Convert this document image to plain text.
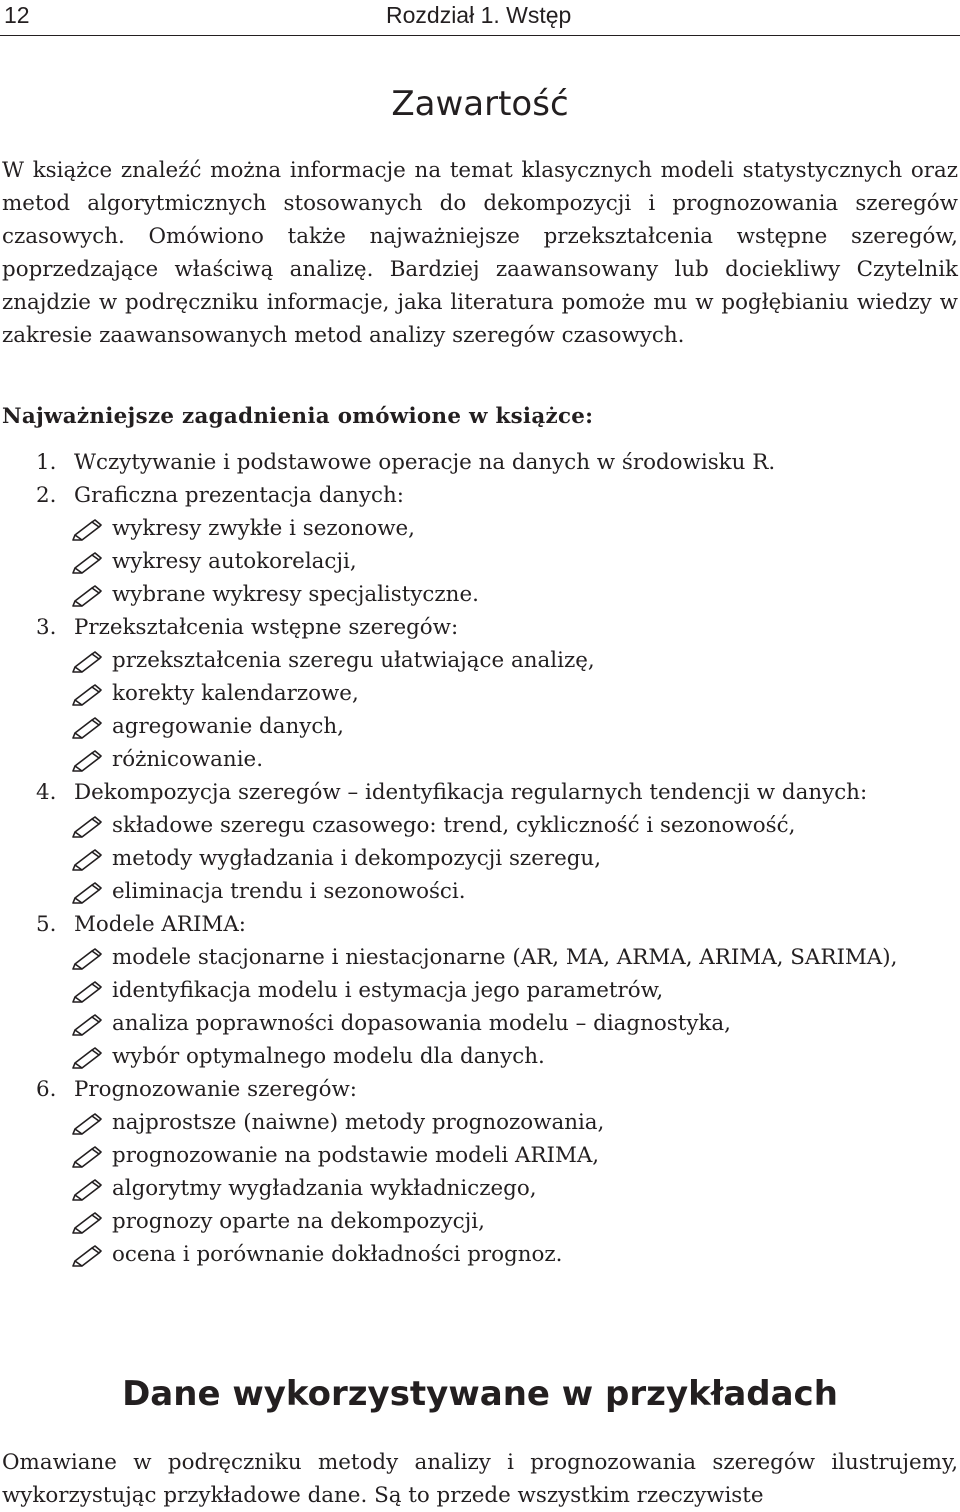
12	Rozdział 1. Wstęp
Zawartość

W książce znaleźć można informacje na temat klasycznych modeli statystycznych oraz metod algorytmicznych stosowanych do dekompozycji i prognozowania szeregów czasowych. Omówiono także najważniejsze przekształcenia wstępne szeregów, poprzedzające właściwą analizę. Bardziej zaawansowany lub dociekliwy Czytelnik znajdzie w podręczniku informacje, jaka literatura pomoże mu w pogłębianiu wiedzy w zakresie zaawansowanych metod analizy szeregów czasowych.

Najważniejsze zagadnienia omówione w książce:
1. Wczytywanie i podstawowe operacje na danych w środowisku R.
2. Graficzna prezentacja danych:
wykresy zwykłe i sezonowe,
wykresy autokorelacji,
wybrane wykresy specjalistyczne.
3. Przekształcenia wstępne szeregów:
przekształcenia szeregu ułatwiające analizę,
korekty kalendarzowe,
agregowanie danych,
różnicowanie.
4. Dekompozycja szeregów – identyfikacja regularnych tendencji w danych:
składowe szeregu czasowego: trend, cykliczność i sezonowość,
metody wygładzania i dekompozycji szeregu,
eliminacja trendu i sezonowości.
5. Modele ARIMA:
modele stacjonarne i niestacjonarne (AR, MA, ARMA, ARIMA, SARIMA),
identyfikacja modelu i estymacja jego parametrów,
analiza poprawności dopasowania modelu – diagnostyka,
wybór optymalnego modelu dla danych.
6. Prognozowanie szeregów:
najprostsze (naiwne) metody prognozowania,
prognozowanie na podstawie modeli ARIMA,
algorytmy wygładzania wykładniczego,
prognozy oparte na dekompozycji,
ocena i porównanie dokładności prognoz.
Dane wykorzystywane w przykładach

Omawiane w podręczniku metody analizy i prognozowania szeregów ilustrujemy, wykorzystując przykładowe dane. Są to przede wszystkim rzeczywiste
